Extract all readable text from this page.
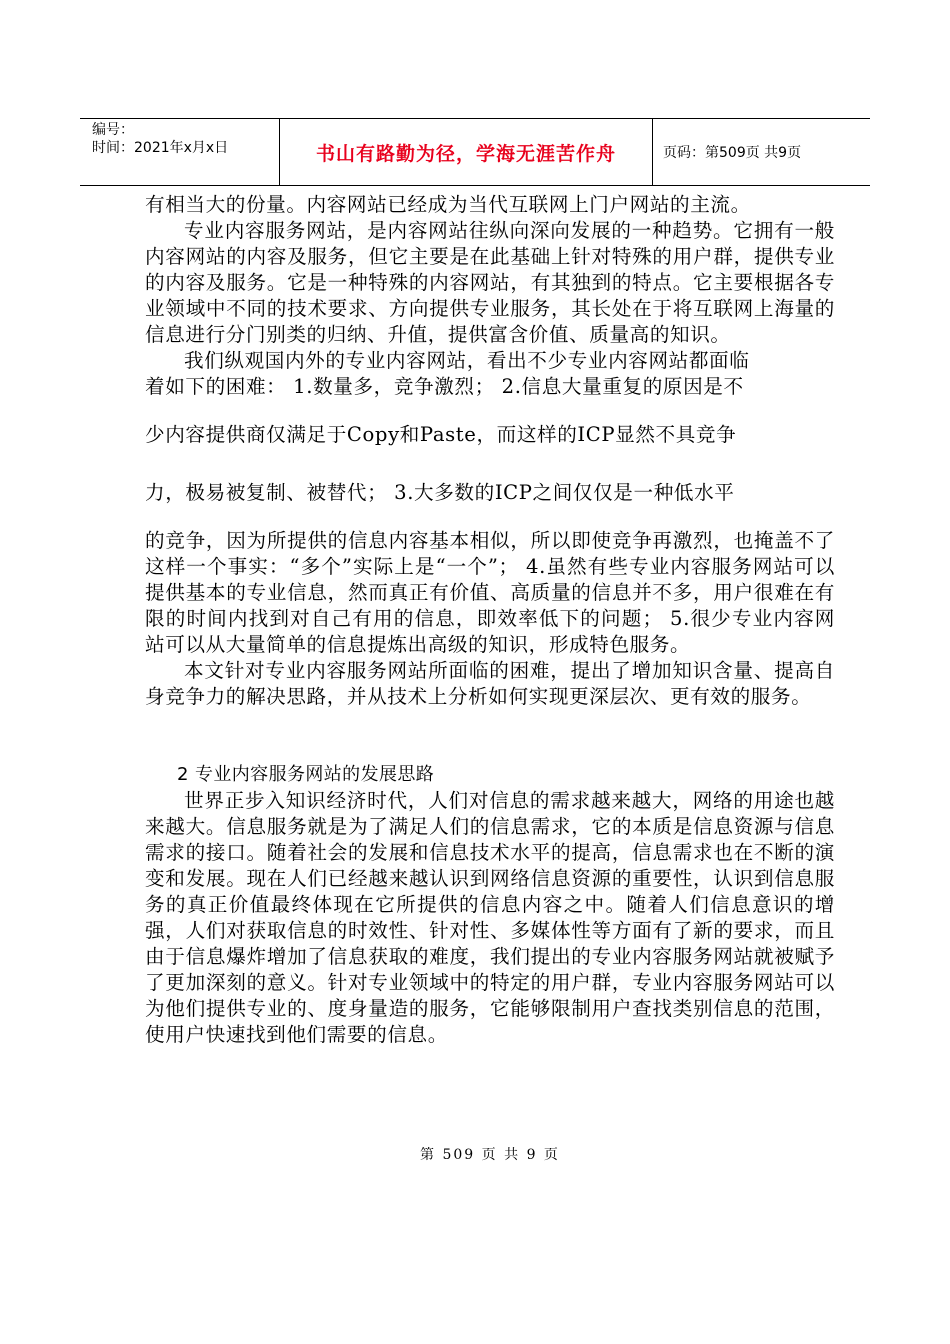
编号：
时间：2021年x月x日	书山有路勤为径，学海无涯苦作舟	页码：第509页 共9页

有相当大的份量。内容网站已经成为当代互联网上门户网站的主流。

专业内容服务网站，是内容网站往纵向深向发展的一种趋势。它拥有一般内容网站的内容及服务，但它主要是在此基础上针对特殊的用户群，提供专业的内容及服务。它是一种特殊的内容网站，有其独到的特点。它主要根据各专业领域中不同的技术要求、方向提供专业服务，其长处在于将互联网上海量的信息进行分门别类的归纳、升值，提供富含价值、质量高的知识。

我们纵观国内外的专业内容网站，看出不少专业内容网站都面临

着如下的困难： 1.数量多，竞争激烈； 2.信息大量重复的原因是不

少内容提供商仅满足于Copy和Paste，而这样的ICP显然不具竞争

力，极易被复制、被替代； 3.大多数的ICP之间仅仅是一种低水平

的竞争，因为所提供的信息内容基本相似，所以即使竞争再激烈，也掩盖不了这样一个事实：“多个”实际上是“一个”； 4.虽然有些专业内容服务网站可以提供基本的专业信息，然而真正有价值、高质量的信息并不多，用户很难在有限的时间内找到对自己有用的信息，即效率低下的问题； 5.很少专业内容网站可以从大量简单的信息提炼出高级的知识，形成特色服务。

本文针对专业内容服务网站所面临的困难，提出了增加知识含量、提高自身竞争力的解决思路，并从技术上分析如何实现更深层次、更有效的服务。

2 专业内容服务网站的发展思路

世界正步入知识经济时代，人们对信息的需求越来越大，网络的用途也越来越大。信息服务就是为了满足人们的信息需求，它的本质是信息资源与信息需求的接口。随着社会的发展和信息技术水平的提高，信息需求也在不断的演变和发展。现在人们已经越来越认识到网络信息资源的重要性，认识到信息服务的真正价值最终体现在它所提供的信息内容之中。随着人们信息意识的增强，人们对获取信息的时效性、针对性、多媒体性等方面有了新的要求，而且由于信息爆炸增加了信息获取的难度，我们提出的专业内容服务网站就被赋予了更加深刻的意义。针对专业领域中的特定的用户群，专业内容服务网站可以为他们提供专业的、度身量造的服务，它能够限制用户查找类别信息的范围，使用户快速找到他们需要的信息。

第 509 页 共 9 页
